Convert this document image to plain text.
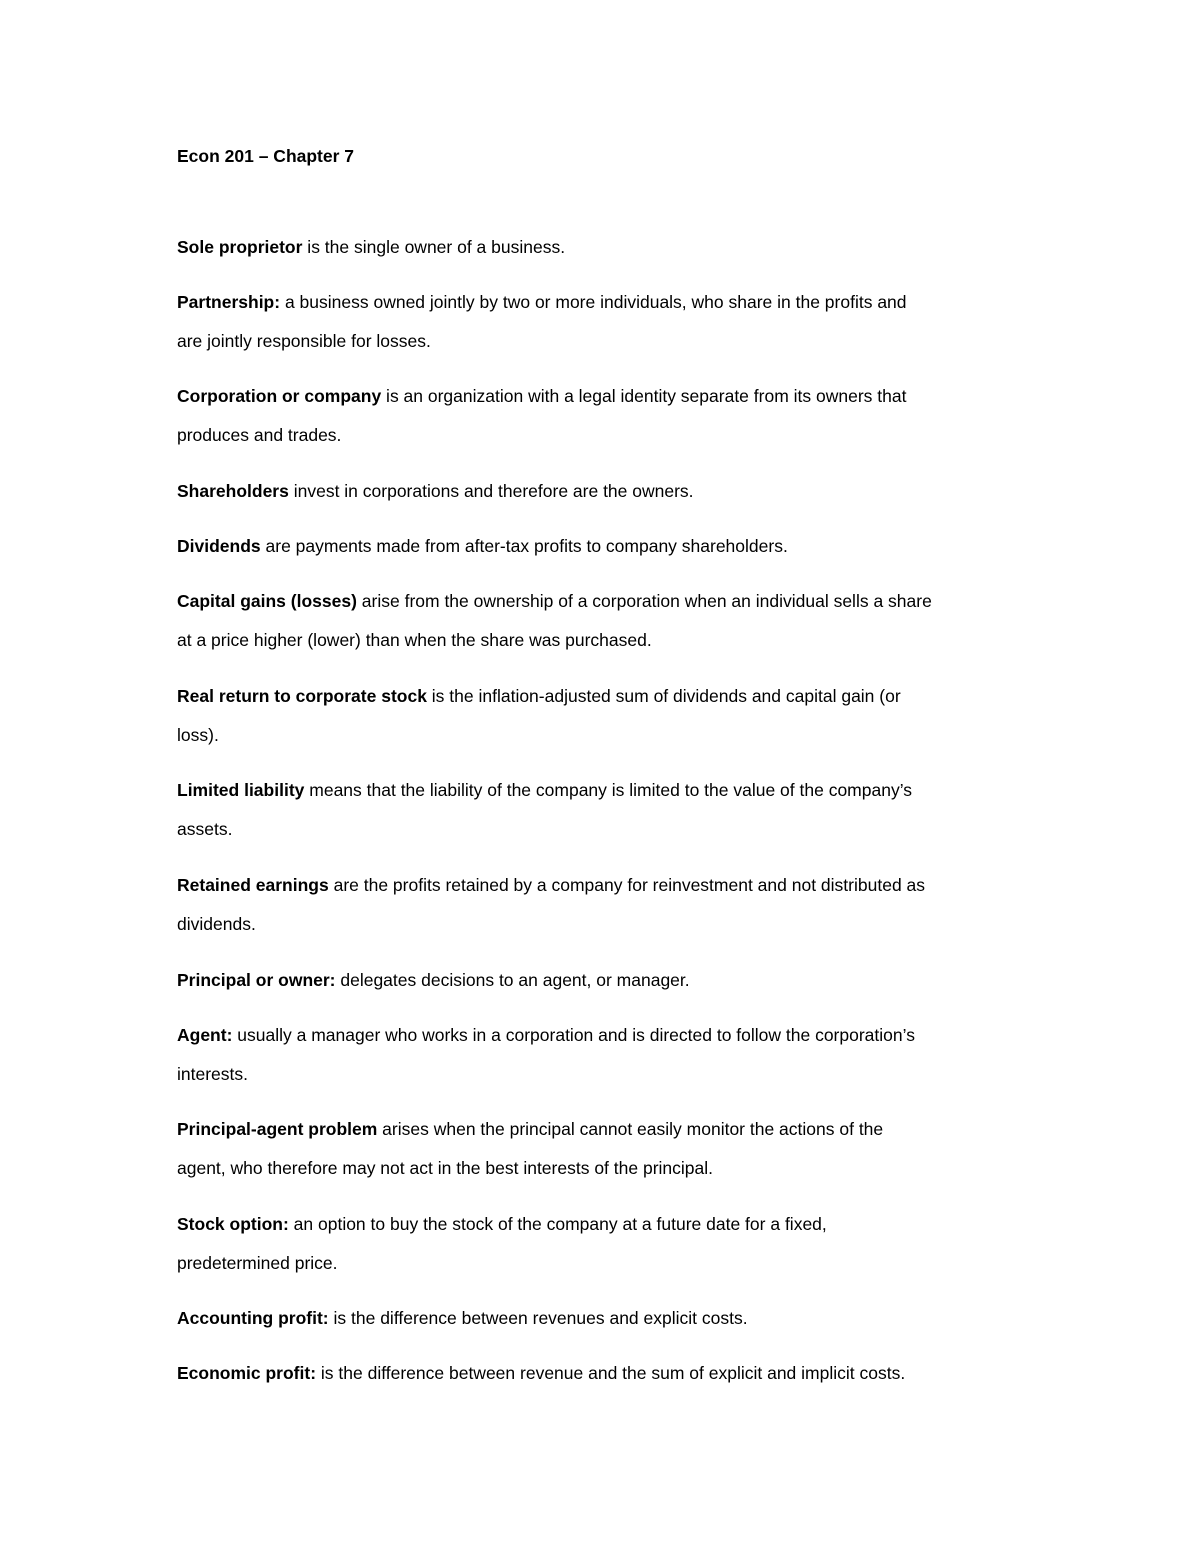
Econ 201 – Chapter 7

Sole proprietor is the single owner of a business.

Partnership: a business owned jointly by two or more individuals, who share in the profits and
are jointly responsible for losses.

Corporation or company is an organization with a legal identity separate from its owners that
produces and trades.

Shareholders invest in corporations and therefore are the owners.

Dividends are payments made from after-tax profits to company shareholders.

Capital gains (losses) arise from the ownership of a corporation when an individual sells a share
at a price higher (lower) than when the share was purchased.

Real return to corporate stock is the inflation-adjusted sum of dividends and capital gain (or
loss).

Limited liability means that the liability of the company is limited to the value of the company’s
assets.

Retained earnings are the profits retained by a company for reinvestment and not distributed as
dividends.

Principal or owner: delegates decisions to an agent, or manager.

Agent: usually a manager who works in a corporation and is directed to follow the corporation’s
interests.

Principal-agent problem arises when the principal cannot easily monitor the actions of the
agent, who therefore may not act in the best interests of the principal.

Stock option: an option to buy the stock of the company at a future date for a fixed,
predetermined price.

Accounting profit: is the difference between revenues and explicit costs.

Economic profit: is the difference between revenue and the sum of explicit and implicit costs.
